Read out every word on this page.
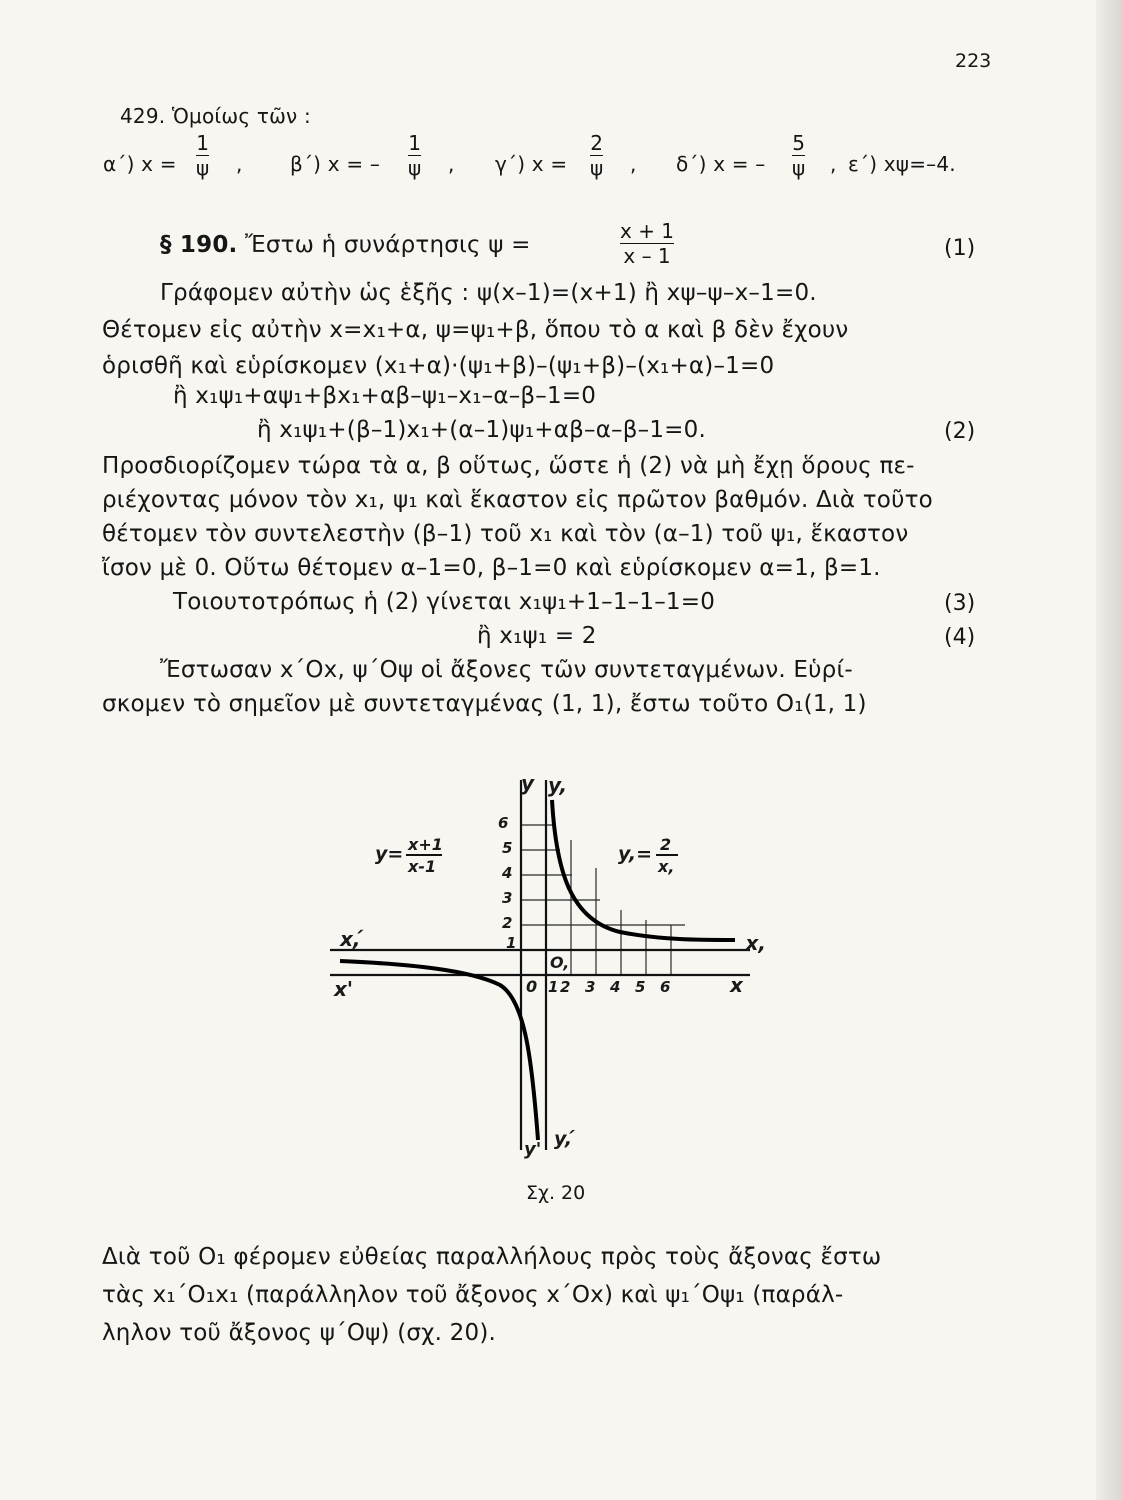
223
429. Ὁμοίως τῶν :
α΄) x =
1
ψ , β΄) x = –
1
ψ , γ΄) x =
2
ψ , δ΄) x = –
5
ψ , ε΄) xψ=–4.
§ 190. Ἔστω ἡ συνάρτησις ψ =
x + 1
x – 1	(1)
Γράφομεν αὐτὴν ὡς ἑξῆς : ψ(x–1)=(x+1) ἢ xψ–ψ–x–1=0.
Θέτομεν εἰς αὐτὴν x=x₁+α, ψ=ψ₁+β, ὅπου τὸ α καὶ β δὲν ἔχουν
ὁρισθῆ καὶ εὑρίσκομεν (x₁+α)·(ψ₁+β)–(ψ₁+β)–(x₁+α)–1=0
ἢ x₁ψ₁+αψ₁+βx₁+αβ–ψ₁–x₁–α–β–1=0
ἢ x₁ψ₁+(β–1)x₁+(α–1)ψ₁+αβ–α–β–1=0.	(2)
Προσδιορίζομεν τώρα τὰ α, β οὕτως, ὥστε ἡ (2) νὰ μὴ ἔχῃ ὅρους πε-
ριέχοντας μόνον τὸν x₁, ψ₁ καὶ ἕκαστον εἰς πρῶτον βαθμόν. Διὰ τοῦτο
θέτομεν τὸν συντελεστὴν (β–1) τοῦ x₁ καὶ τὸν (α–1) τοῦ ψ₁, ἕκαστον
ἴσον μὲ 0. Οὕτω θέτομεν α–1=0, β–1=0 καὶ εὑρίσκομεν α=1, β=1.
Τοιουτοτρόπως ἡ (2) γίνεται x₁ψ₁+1–1–1–1=0	(3)
ἢ x₁ψ₁ = 2	(4)
Ἔστωσαν x΄Οx, ψ΄Οψ οἱ ἄξονες τῶν συντεταγμένων. Εὑρί-
σκομεν τὸ σημεῖον μὲ συντεταγμένας (1, 1), ἔστω τοῦτο Ο₁(1, 1)
y y,
6
5
4
3
2
1
y= x+1
x-1
y,= 2
x,
x,́
x'
x,
x
O,
0 2
1 3 4 5 6
y' y,́
Σχ. 20
Διὰ τοῦ Ο₁ φέρομεν εὐθείας παραλλήλους πρὸς τοὺς ἄξονας ἔστω
τὰς x₁΄Ο₁x₁ (παράλληλον τοῦ ἄξονος x΄Οx) καὶ ψ₁΄Οψ₁ (παράλ-
ληλον τοῦ ἄξονος ψ΄Οψ) (σχ. 20).
